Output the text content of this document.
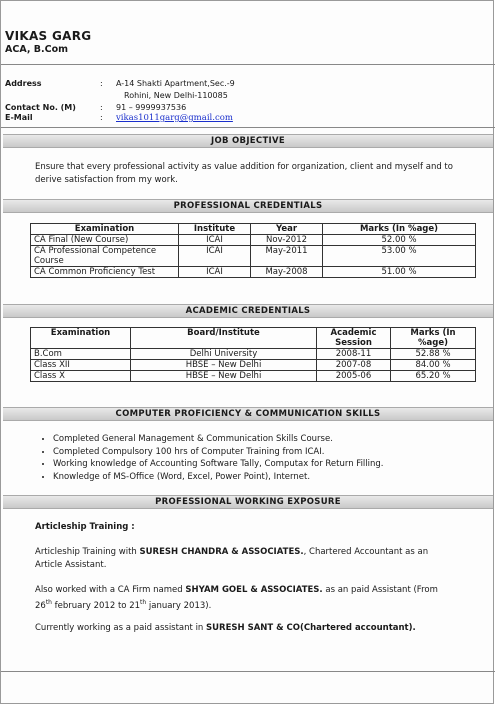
VIKAS GARG
ACA, B.Com
Address	: A-14 Shakti Apartment,Sec.-9
Rohini, New Delhi-110085
Contact No. (M)	: 91 – 9999937536
E-Mail	: vikas1011garg@gmail.com
JOB OBJECTIVE
Ensure that every professional activity as value addition for organization, client and myself and to
derive satisfaction from my work.
PROFESSIONAL CREDENTIALS
Examination	Institute	Year	Marks (In %age)
CA Final (New Course)	ICAI	Nov-2012	52.00 %
CA Professional Competence Course	ICAI	May-2011	53.00 %
CA Common Proficiency Test	ICAI	May-2008	51.00 %
ACADEMIC CREDENTIALS
Examination	Board/Institute	Academic Session	Marks (In %age)
B.Com	Delhi University	2008-11	52.88 %
Class XII	HBSE – New Delhi	2007-08	84.00 %
Class X	HBSE – New Delhi	2005-06	65.20 %
COMPUTER PROFICIENCY & COMMUNICATION SKILLS
• Completed General Management & Communication Skills Course.
• Completed Compulsory 100 hrs of Computer Training from ICAI.
• Working knowledge of Accounting Software Tally, Computax for Return Filling.
• Knowledge of MS-Office (Word, Excel, Power Point), Internet.
PROFESSIONAL WORKING EXPOSURE
Articleship Training :
Articleship Training with SURESH CHANDRA & ASSOCIATES., Chartered Accountant as an
Article Assistant.
Also worked with a CA Firm named SHYAM GOEL & ASSOCIATES. as an paid Assistant (From
26th february 2012 to 21th january 2013).
Currently working as a paid assistant in SURESH SANT & CO(Chartered accountant).
